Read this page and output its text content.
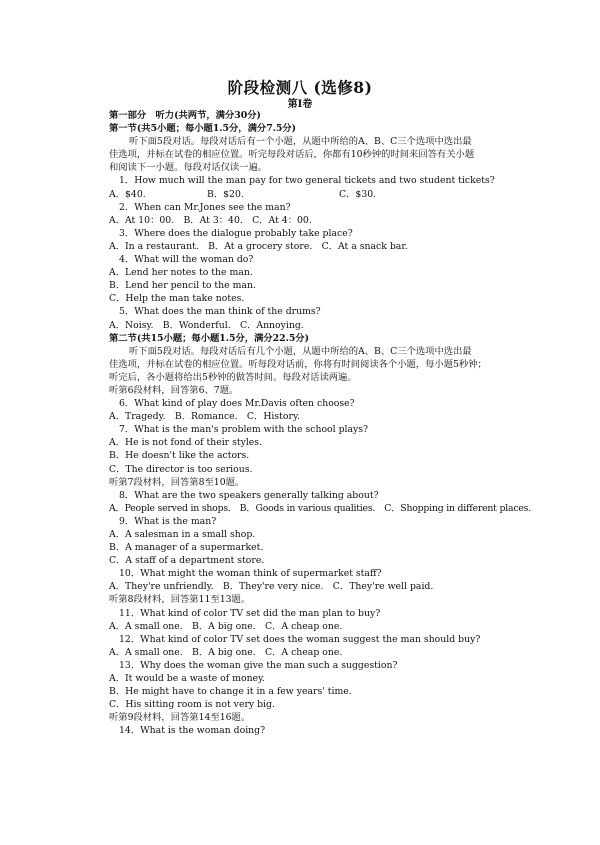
阶段检测八 (选修8)
第Ⅰ卷
第一部分　听力(共两节，满分30分)
第一节(共5小题；每小题1.5分，满分7.5分)
听下面5段对话。每段对话后有一个小题，从题中所给的A、B、C三个选项中选出最
佳选项，并标在试卷的相应位置。听完每段对话后，你都有10秒钟的时间来回答有关小题
和阅读下一小题。每段对话仅读一遍。
1．How much will the man pay for two general tickets and two student tickets?
A．$40.	B．$20.	C．$30.
2．When can Mr.Jones see the man?
A．At 10：00.　B．At 3：40.　C．At 4：00.
3．Where does the dialogue probably take place?
A．In a restaurant.　B．At a grocery store.　C．At a snack bar.
4．What will the woman do?
A．Lend her notes to the man.
B．Lend her pencil to the man.
C．Help the man take notes.
5．What does the man think of the drums?
A．Noisy.　B．Wonderful.　C．Annoying.
第二节(共15小题；每小题1.5分，满分22.5分)
听下面5段对话。每段对话后有几个小题，从题中所给的A、B、C三个选项中选出最
佳选项，并标在试卷的相应位置。听每段对话前，你将有时间阅读各个小题，每小题5秒钟；
听完后，各小题将给出5秒钟的做答时间。每段对话读两遍。
听第6段材料，回答第6、7题。
6．What kind of play does Mr.Davis often choose?
A．Tragedy.　B．Romance.　C．History.
7．What is the man's problem with the school plays?
A．He is not fond of their styles.
B．He doesn't like the actors.
C．The director is too serious.
听第7段材料，回答第8至10题。
8．What are the two speakers generally talking about?
A．People served in shops.　B．Goods in various qualities.　C．Shopping in different places.
9．What is the man?
A．A salesman in a small shop.
B．A manager of a supermarket.
C．A staff of a department store.
10．What might the woman think of supermarket staff?
A．They're unfriendly.　B．They're very nice.　C．They're well paid.
听第8段材料，回答第11至13题。
11．What kind of color TV set did the man plan to buy?
A．A small one.　B．A big one.　C．A cheap one.
12．What kind of color TV set does the woman suggest the man should buy?
A．A small one.　B．A big one.　C．A cheap one.
13．Why does the woman give the man such a suggestion?
A．It would be a waste of money.
B．He might have to change it in a few years' time.
C．His sitting room is not very big.
听第9段材料，回答第14至16题。
14．What is the woman doing?
